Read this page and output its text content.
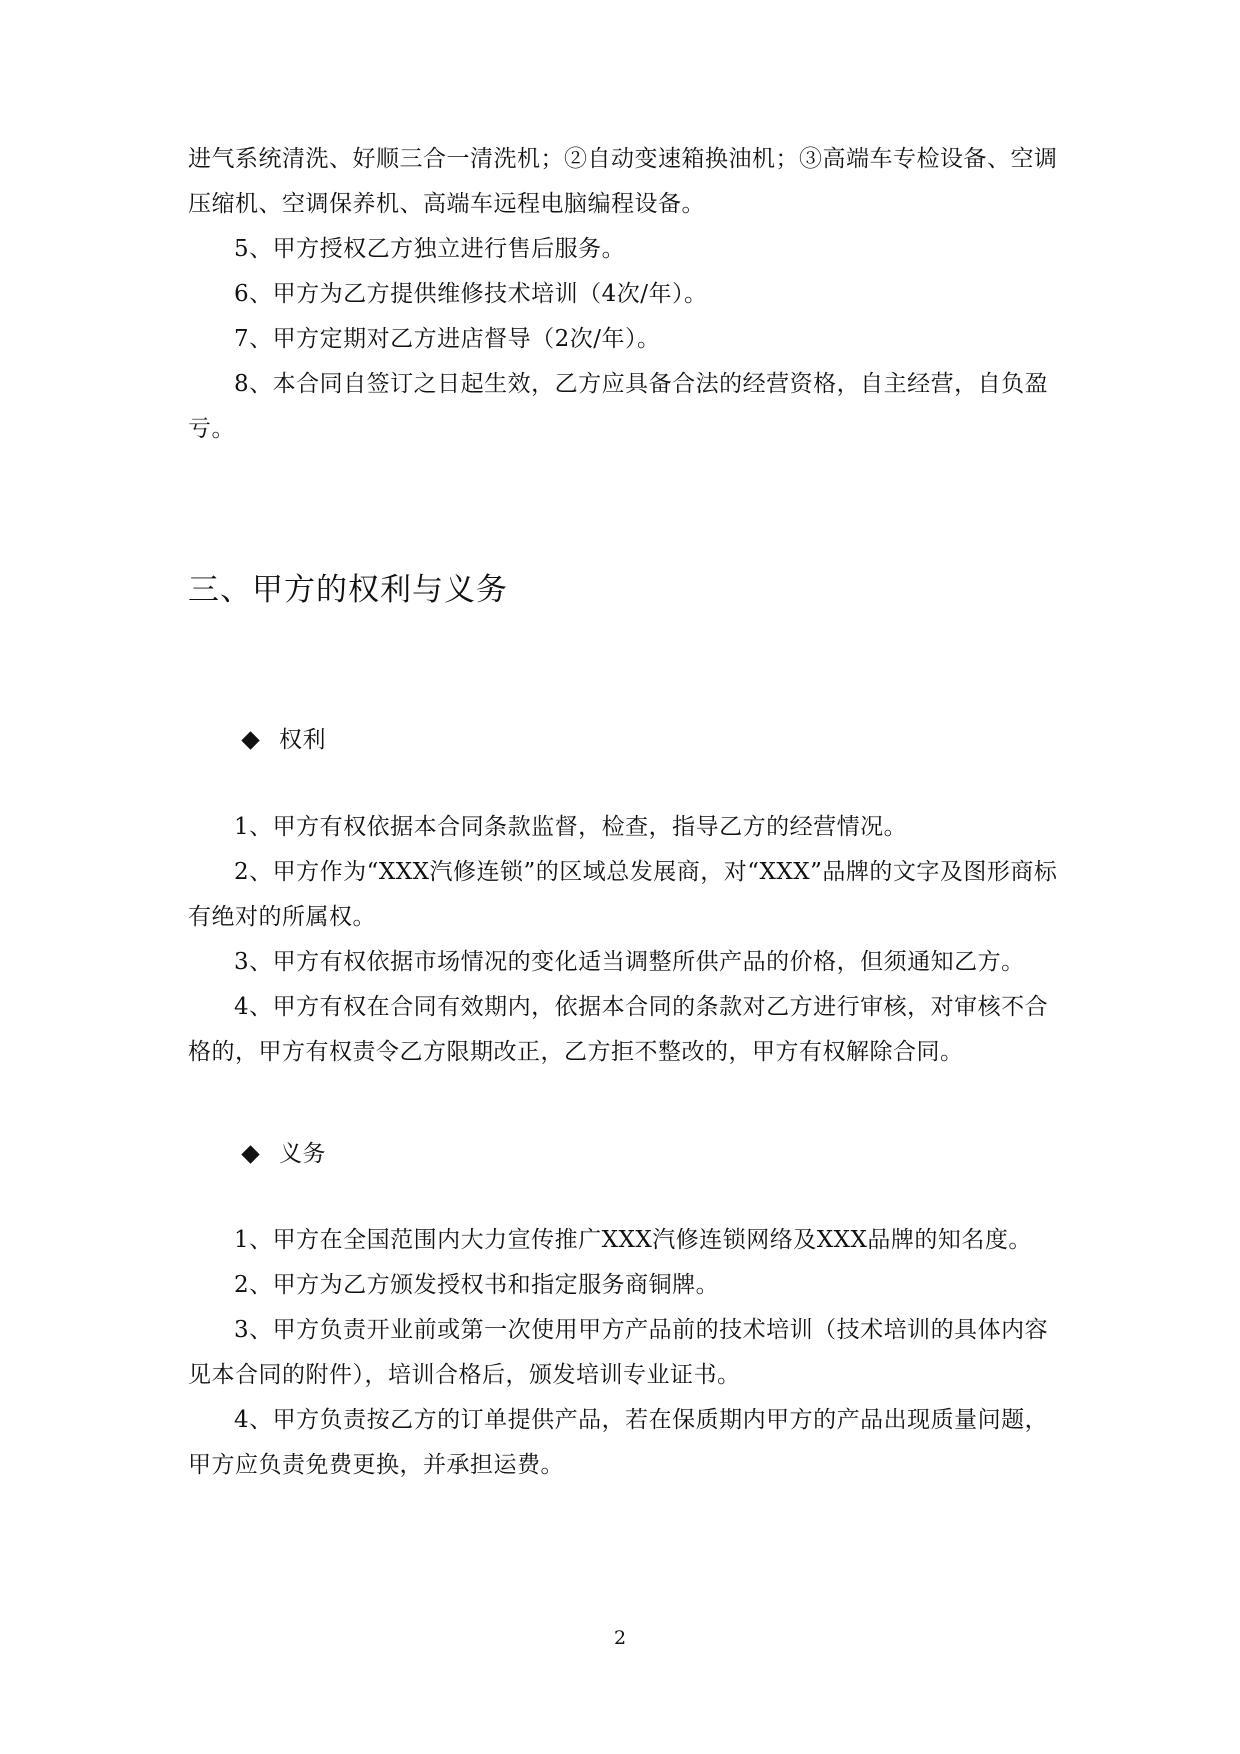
进气系统清洗、好顺三合一清洗机；②自动变速箱换油机；③高端车专检设备、空调压缩机、空调保养机、高端车远程电脑编程设备。

5、甲方授权乙方独立进行售后服务。

6、甲方为乙方提供维修技术培训（4次/年）。

7、甲方定期对乙方进店督导（2次/年）。

8、本合同自签订之日起生效，乙方应具备合法的经营资格，自主经营，自负盈亏。

三、甲方的权利与义务
权利

1、甲方有权依据本合同条款监督，检查，指导乙方的经营情况。

2、甲方作为“XXX汽修连锁”的区域总发展商，对“XXX”品牌的文字及图形商标有绝对的所属权。

3、甲方有权依据市场情况的变化适当调整所供产品的价格，但须通知乙方。

4、甲方有权在合同有效期内，依据本合同的条款对乙方进行审核，对审核不合格的，甲方有权责令乙方限期改正，乙方拒不整改的，甲方有权解除合同。

义务

1、甲方在全国范围内大力宣传推广XXX汽修连锁网络及XXX品牌的知名度。

2、甲方为乙方颁发授权书和指定服务商铜牌。

3、甲方负责开业前或第一次使用甲方产品前的技术培训（技术培训的具体内容见本合同的附件），培训合格后，颁发培训专业证书。

4、甲方负责按乙方的订单提供产品，若在保质期内甲方的产品出现质量问题，甲方应负责免费更换，并承担运费。

2
